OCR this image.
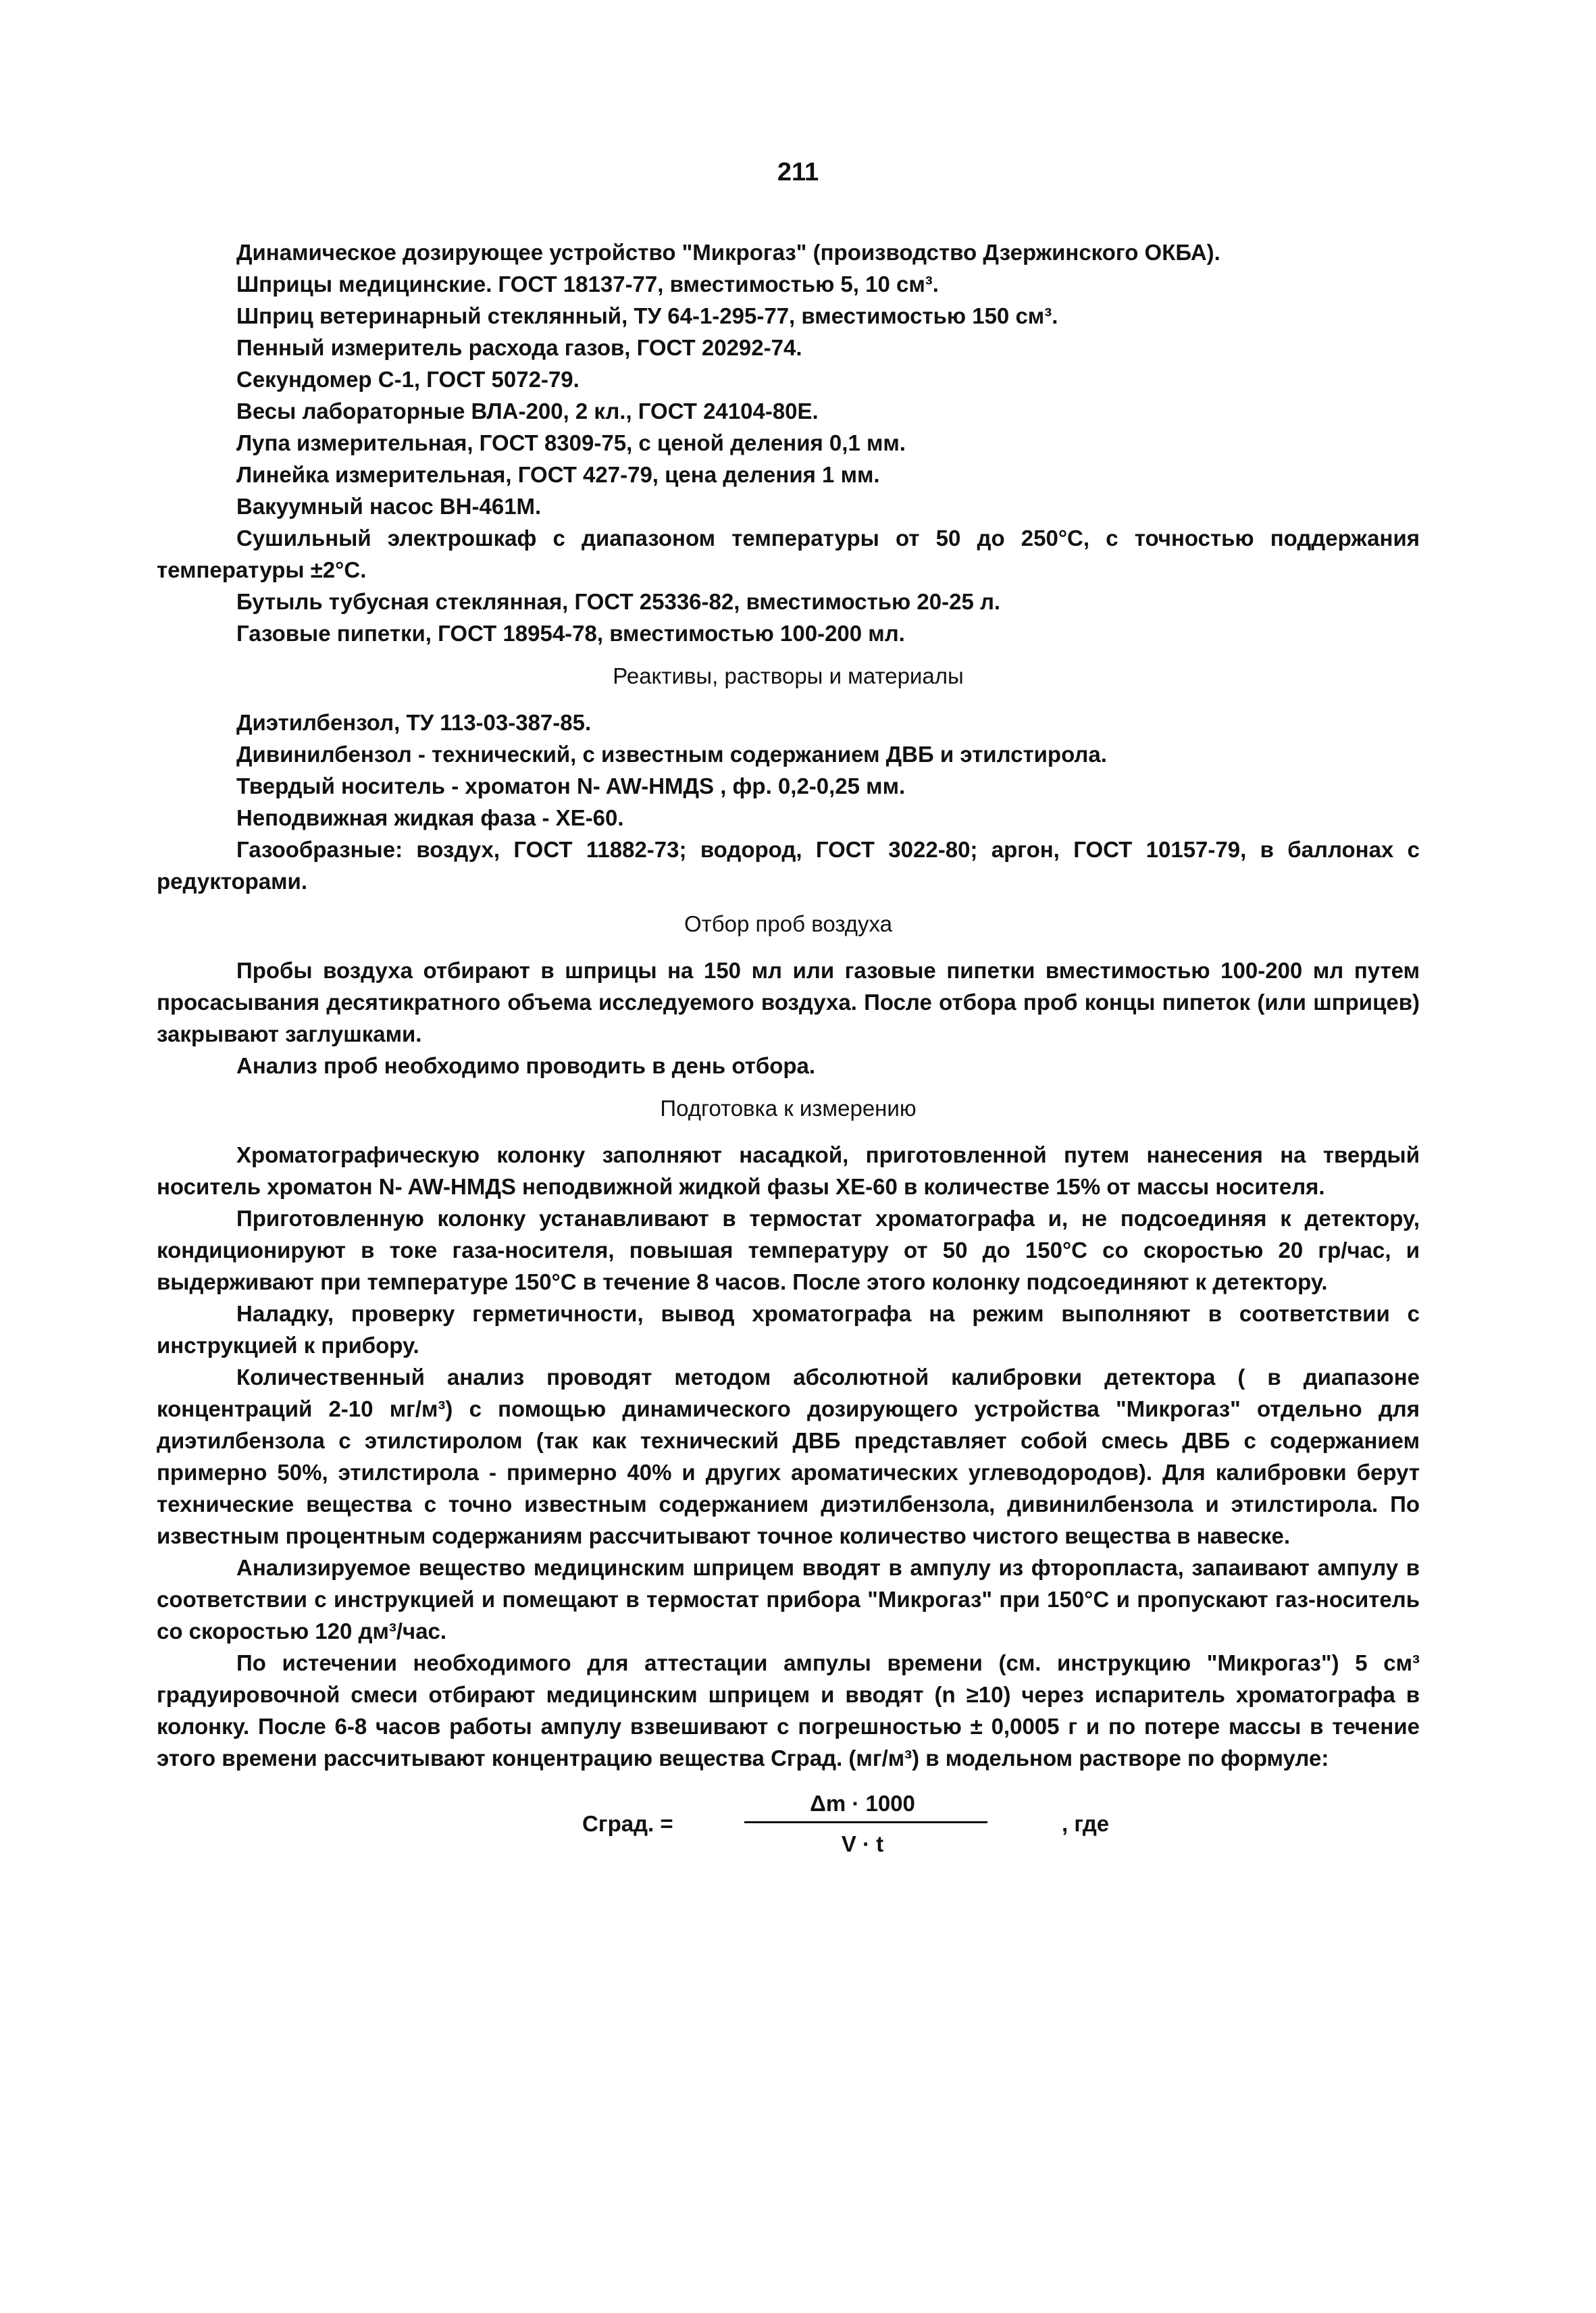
211

Динамическое дозирующее устройство "Микрогаз" (производство Дзержинского ОКБА).

Шприцы медицинские. ГОСТ 18137-77, вместимостью 5, 10 см³.

Шприц ветеринарный стеклянный, ТУ 64-1-295-77, вместимостью 150 см³.

Пенный измеритель расхода газов, ГОСТ 20292-74.

Секундомер С-1, ГОСТ 5072-79.

Весы лабораторные ВЛА-200, 2 кл., ГОСТ 24104-80Е.

Лупа измерительная, ГОСТ 8309-75, с ценой деления 0,1 мм.

Линейка измерительная, ГОСТ 427-79, цена деления 1 мм.

Вакуумный насос ВН-461М.

Сушильный электрошкаф с диапазоном температуры от 50 до 250°С, с точностью поддержания температуры ±2°С.

Бутыль тубусная стеклянная, ГОСТ 25336-82, вместимостью 20-25 л.

Газовые пипетки, ГОСТ 18954-78, вместимостью 100-200 мл.

Реактивы, растворы и материалы

Диэтилбензол, ТУ 113-03-387-85.

Дивинилбензол - технический, с известным содержанием ДВБ и этилстирола.

Твердый носитель - хроматон N- AW-НМДS , фр. 0,2-0,25 мм.

Неподвижная жидкая фаза - ХЕ-60.

Газообразные: воздух, ГОСТ 11882-73; водород, ГОСТ 3022-80; аргон, ГОСТ 10157-79, в баллонах с редукторами.

Отбор проб воздуха

Пробы воздуха отбирают в шприцы на 150 мл или газовые пипетки вместимостью 100-200 мл путем просасывания десятикратного объема исследуемого воздуха. После отбора проб концы пипеток (или шприцев) закрывают заглушками.

Анализ проб необходимо проводить в день отбора.

Подготовка к измерению

Хроматографическую колонку заполняют насадкой, приготовленной путем нанесения на твердый носитель хроматон N- AW-НМДS неподвижной жидкой фазы ХЕ-60 в количестве 15% от массы носителя.

Приготовленную колонку устанавливают в термостат хроматографа и, не подсоединяя к детектору, кондиционируют в токе газа-носителя, повышая температуру от 50 до 150°С со скоростью 20 гр/час, и выдерживают при температуре 150°С в течение 8 часов. После этого колонку подсоединяют к детектору.

Наладку, проверку герметичности, вывод хроматографа на режим выполняют в соответствии с инструкцией к прибору.

Количественный анализ проводят методом абсолютной калибровки детектора ( в диапазоне концентраций 2-10 мг/м³) с помощью динамического дозирующего устройства "Микрогаз" отдельно для диэтилбензола с этилстиролом (так как технический ДВБ представляет собой смесь ДВБ с содержанием примерно 50%, этилстирола - примерно 40% и других ароматических углеводородов). Для калибровки берут технические вещества с точно известным содержанием диэтилбензола, дивинилбензола и этилстирола. По известным процентным содержаниям рассчитывают точное количество чистого вещества в навеске.

Анализируемое вещество медицинским шприцем вводят в ампулу из фторопласта, запаивают ампулу в соответствии с инструкцией и помещают в термостат прибора "Микрогаз" при 150°С и пропускают газ-носитель со скоростью 120 дм³/час.

По истечении необходимого для аттестации ампулы времени (см. инструкцию "Микрогаз") 5 см³ градуировочной смеси отбирают медицинским шприцем и вводят (n ≥10) через испаритель хроматографа в колонку. После 6-8 часов работы ампулу взвешивают с погрешностью ± 0,0005 г и по потере массы в течение этого времени рассчитывают концентрацию вещества Сград. (мг/м³) в модельном растворе по формуле:

Сград. =
Δm · 1000
V · t
, где
